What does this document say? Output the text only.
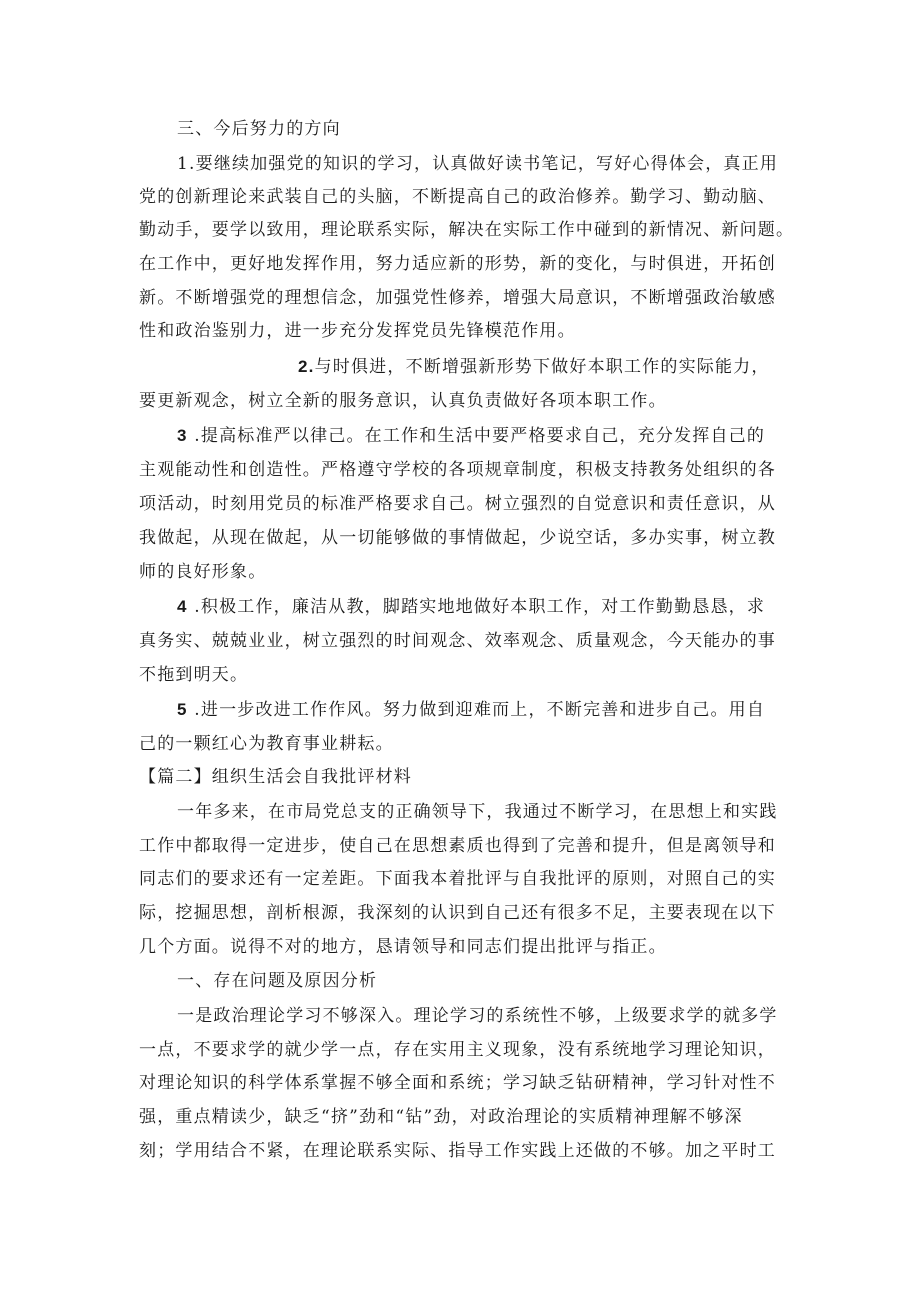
三、今后努力的方向
1.要继续加强党的知识的学习，认真做好读书笔记，写好心得体会，真正用
党的创新理论来武装自己的头脑，不断提高自己的政治修养。勤学习、勤动脑、
勤动手，要学以致用，理论联系实际，解决在实际工作中碰到的新情况、新问题。
在工作中，更好地发挥作用，努力适应新的形势，新的变化，与时俱进，开拓创
新。不断增强党的理想信念，加强党性修养，增强大局意识，不断增强政治敏感
性和政治鉴别力，进一步充分发挥党员先锋模范作用。
2.与时俱进，不断增强新形势下做好本职工作的实际能力，
要更新观念，树立全新的服务意识，认真负责做好各项本职工作。
3 .提高标准严以律己。在工作和生活中要严格要求自己，充分发挥自己的
主观能动性和创造性。严格遵守学校的各项规章制度，积极支持教务处组织的各
项活动，时刻用党员的标准严格要求自己。树立强烈的自觉意识和责任意识，从
我做起，从现在做起，从一切能够做的事情做起，少说空话，多办实事，树立教
师的良好形象。
4 .积极工作，廉洁从教，脚踏实地地做好本职工作，对工作勤勤恳恳，求
真务实、兢兢业业，树立强烈的时间观念、效率观念、质量观念，今天能办的事
不拖到明天。
5 .进一步改进工作作风。努力做到迎难而上，不断完善和进步自己。用自
己的一颗红心为教育事业耕耘。
【篇二】组织生活会自我批评材料
一年多来，在市局党总支的正确领导下，我通过不断学习，在思想上和实践
工作中都取得一定进步，使自己在思想素质也得到了完善和提升，但是离领导和
同志们的要求还有一定差距。下面我本着批评与自我批评的原则，对照自己的实
际，挖掘思想，剖析根源，我深刻的认识到自己还有很多不足，主要表现在以下
几个方面。说得不对的地方，恳请领导和同志们提出批评与指正。
一、存在问题及原因分析
一是政治理论学习不够深入。理论学习的系统性不够，上级要求学的就多学
一点，不要求学的就少学一点，存在实用主义现象，没有系统地学习理论知识，
对理论知识的科学体系掌握不够全面和系统；学习缺乏钻研精神，学习针对性不
强，重点精读少，缺乏“挤”劲和“钻”劲，对政治理论的实质精神理解不够深
刻；学用结合不紧，在理论联系实际、指导工作实践上还做的不够。加之平时工
